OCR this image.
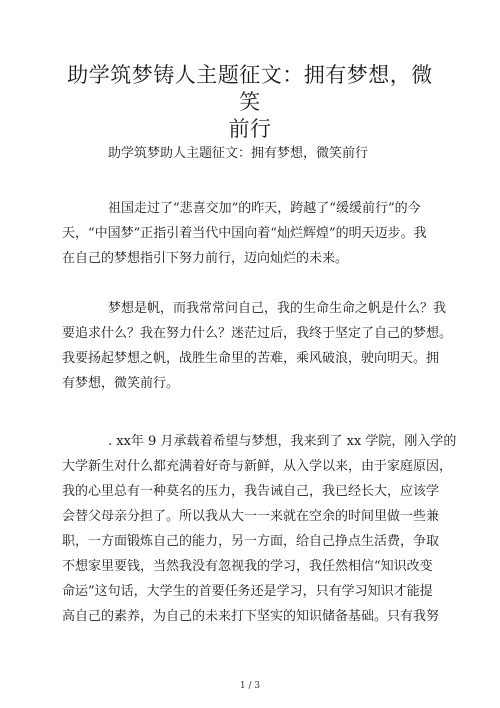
助学筑梦铸人主题征文：拥有梦想，微笑
前行
助学筑梦助人主题征文：拥有梦想，微笑前行
祖国走过了“悲喜交加”的昨天，跨越了“缓缓前行”的今
天，“中国梦”正指引着当代中国向着“灿烂辉煌”的明天迈步。我
在自己的梦想指引下努力前行，迈向灿烂的未来。
梦想是帆，而我常常问自己，我的生命生命之帆是什么？我
要追求什么？我在努力什么？迷茫过后，我终于坚定了自己的梦想。
我要扬起梦想之帆，战胜生命里的苦难，乘风破浪，驶向明天。拥
有梦想，微笑前行。
. xx年 9 月承载着希望与梦想，我来到了 xx 学院，刚入学的
大学新生对什么都充满着好奇与新鲜，从入学以来，由于家庭原因，
我的心里总有一种莫名的压力，我告诫自己，我已经长大，应该学
会替父母亲分担了。所以我从大一一来就在空余的时间里做一些兼
职，一方面锻炼自己的能力，另一方面，给自己挣点生活费，争取
不想家里要钱，当然我没有忽视我的学习，我任然相信“知识改变
命运”这句话，大学生的首要任务还是学习，只有学习知识才能提
高自己的素养，为自己的未来打下坚实的知识储备基础。只有我努
1 / 3
